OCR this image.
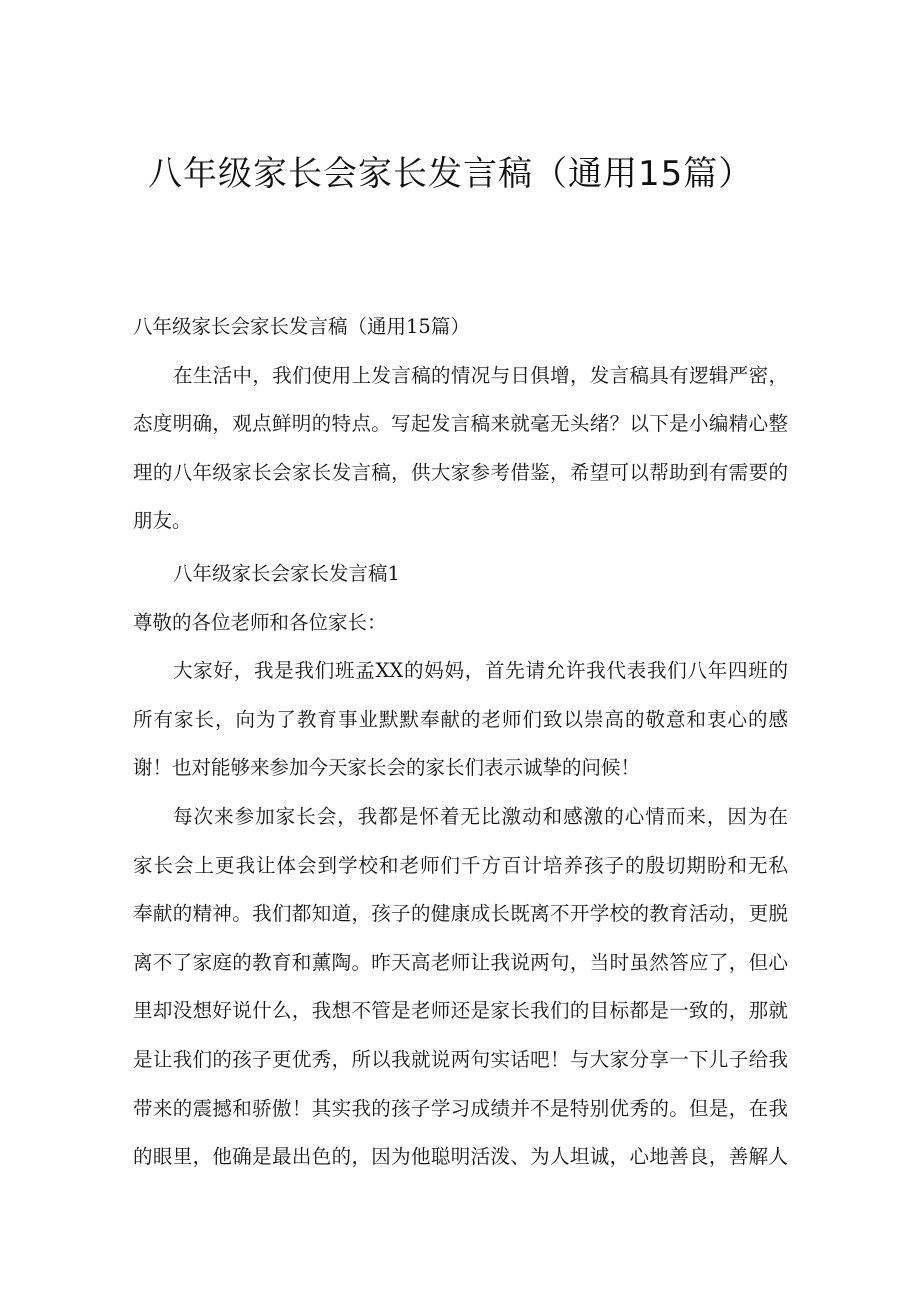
八年级家长会家长发言稿（通用15篇）
八年级家长会家长发言稿（通用15篇）
在生活中，我们使用上发言稿的情况与日俱增，发言稿具有逻辑严密，
态度明确，观点鲜明的特点。写起发言稿来就毫无头绪？以下是小编精心整
理的八年级家长会家长发言稿，供大家参考借鉴，希望可以帮助到有需要的
朋友。
八年级家长会家长发言稿1
尊敬的各位老师和各位家长：
大家好，我是我们班孟XX的妈妈，首先请允许我代表我们八年四班的
所有家长，向为了教育事业默默奉献的老师们致以崇高的敬意和衷心的感
谢！也对能够来参加今天家长会的家长们表示诚挚的问候！
每次来参加家长会，我都是怀着无比激动和感激的心情而来，因为在
家长会上更我让体会到学校和老师们千方百计培养孩子的殷切期盼和无私
奉献的精神。我们都知道，孩子的健康成长既离不开学校的教育活动，更脱
离不了家庭的教育和薰陶。昨天高老师让我说两句，当时虽然答应了，但心
里却没想好说什么，我想不管是老师还是家长我们的目标都是一致的，那就
是让我们的孩子更优秀，所以我就说两句实话吧！与大家分享一下儿子给我
带来的震撼和骄傲！其实我的孩子学习成绩并不是特别优秀的。但是，在我
的眼里，他确是最出色的，因为他聪明活泼、为人坦诚，心地善良，善解人
